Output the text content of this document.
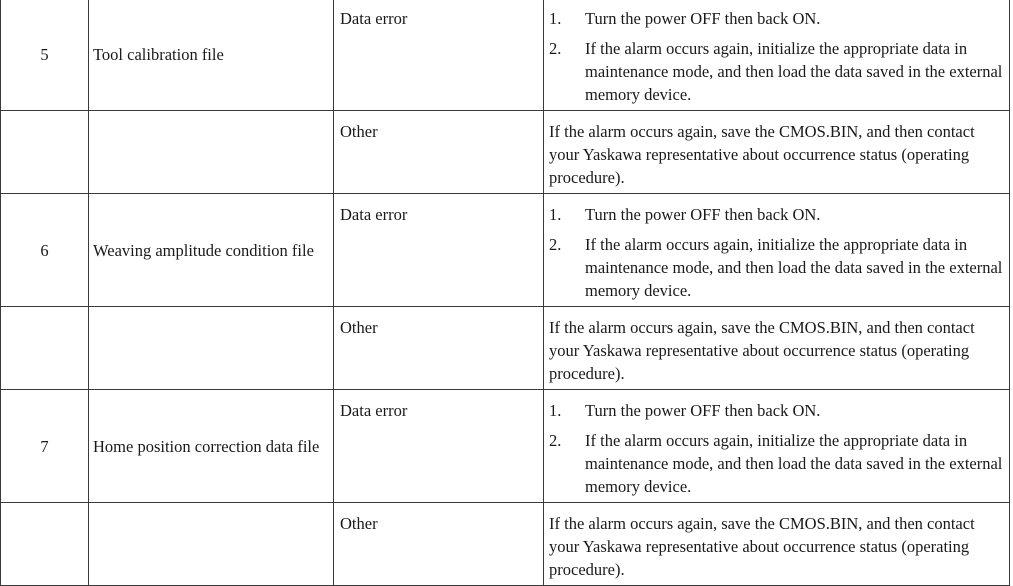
5	Tool calibration file	Data error	1. Turn the power OFF then back ON.
2. If the alarm occurs again, initialize the appropriate data in maintenance mode, and then load the data saved in the external memory device.

		Other	If the alarm occurs again, save the CMOS.BIN, and then contact your Yaskawa representative about occurrence status (operating procedure).

6	Weaving amplitude condition file	Data error	1. Turn the power OFF then back ON.
2. If the alarm occurs again, initialize the appropriate data in maintenance mode, and then load the data saved in the external memory device.

		Other	If the alarm occurs again, save the CMOS.BIN, and then contact your Yaskawa representative about occurrence status (operating procedure).

7	Home position correction data file	Data error	1. Turn the power OFF then back ON.
2. If the alarm occurs again, initialize the appropriate data in maintenance mode, and then load the data saved in the external memory device.

		Other	If the alarm occurs again, save the CMOS.BIN, and then contact your Yaskawa representative about occurrence status (operating procedure).
